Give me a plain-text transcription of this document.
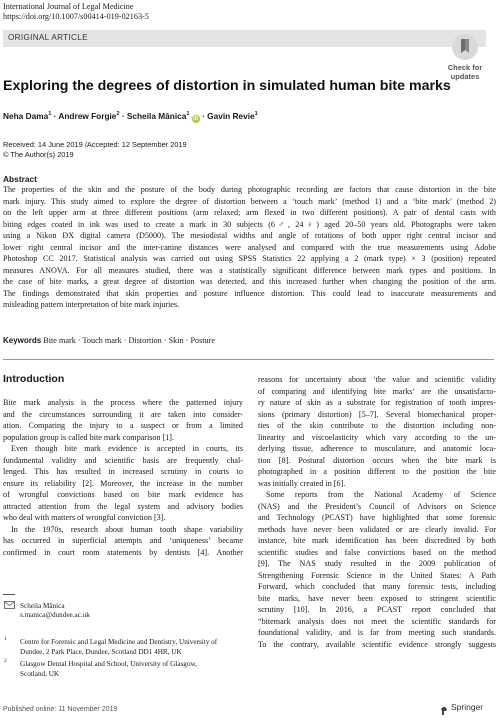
International Journal of Legal Medicine
https://doi.org/10.1007/s00414-019-02163-5
ORIGINAL ARTICLE
Check for
updates
Exploring the degrees of distortion in simulated human bite marks
Neha Dama$^1$ · Andrew Forgie$^2$ · Scheila Mânica$^1$ iD · Gavin Revie$^1$
Received: 14 June 2019 /Accepted: 12 September 2019
© The Author(s) 2019
Abstract
The properties of the skin and the posture of the body during photographic recording are factors that cause distortion in the bite
mark injury. This study aimed to explore the degree of distortion between a ‘touch mark’ (method 1) and a ‘bite mark’ (method 2)
on the left upper arm at three different positions (arm relaxed; arm flexed in two different positions). A pair of dental casts with
biting edges coated in ink was used to create a mark in 30 subjects (6♂, 24♀) aged 20–50 years old. Photographs were taken
using a Nikon DX digital camera (D5000). The mesiodistal widths and angle of rotations of both upper right central incisor and
lower right central incisor and the inter-canine distances were analysed and compared with the true measurements using Adobe
Photoshop CC 2017. Statistical analysis was carried out using SPSS Statistics 22 applying a 2 (mark type) × 3 (position) repeated
measures ANOVA. For all measures studied, there was a statistically significant difference between mark types and positions. In
the case of bite marks, a great degree of distortion was detected, and this increased further when changing the position of the arm.
The findings demonstrated that skin properties and posture influence distortion. This could lead to inaccurate measurements and
misleading pattern interpretation of bite mark injuries.
Keywords Bite mark · Touch mark · Distortion · Skin · Posture
Introduction
Bite mark analysis is the process where the patterned injury
and the circumstances surrounding it are taken into consider-
ation. Comparing the injury to a suspect or from a limited
population group is called bite mark comparison [1].
Even though bite mark evidence is accepted in courts, its
fundamental validity and scientific basis are frequently chal-
lenged. This has resulted in increased scrutiny in courts to
ensure its reliability [2]. Moreover, the increase in the number
of wrongful convictions based on bite mark evidence has
attracted attention from the legal system and advisory bodies
who deal with matters of wrongful conviction [3].
In the 1970s, research about human tooth shape variability
has occurred in superficial attempts and ‘uniqueness’ became
confirmed in court room statements by dentists [4]. Another
reasons for uncertainty about ‘the value and scientific validity
of comparing and identifying bite marks’ are the unsatisfacto-
ry nature of skin as a substrate for registration of tooth impres-
sions (primary distortion) [5–7]. Several biomechanical proper-
ties of the skin contribute to the distortion including non-
linearity and viscoelasticity which vary according to the un-
derlying tissue, adherence to musculature, and anatomic loca-
tion [8]. Postural distortion occurs when the bite mark is
photographed in a position different to the position the bite
was initially created in [6].
Some reports from the National Academy of Science
(NAS) and the President’s Council of Advisors on Science
and Technology (PCAST) have highlighted that some forensic
methods have never been validated or are clearly invalid. For
instance, bite mark identification has been discredited by both
scientific studies and false convictions based on the method
[9]. The NAS study resulted in the 2009 publication of
Strengthening Forensic Science in the United States: A Path
Forward, which concluded that many forensic tests, including
bite marks, have never been exposed to stringent scientific
scrutiny [10]. In 2016, a PCAST report concluded that
“bitemark analysis does not meet the scientific standards for
foundational validity, and is far from meeting such standards.
To the contrary, available scientific evidence strongly suggests
Scheila Mânica
s.manica@dundee.ac.uk
1 Centre for Forensic and Legal Medicine and Dentistry, University of
Dundee, 2 Park Place, Dundee, Scotland DD1 4HR, UK
2 Glasgow Dental Hospital and School, University of Glasgow,
Scotland, UK
Published online: 11 November 2019	Springer
